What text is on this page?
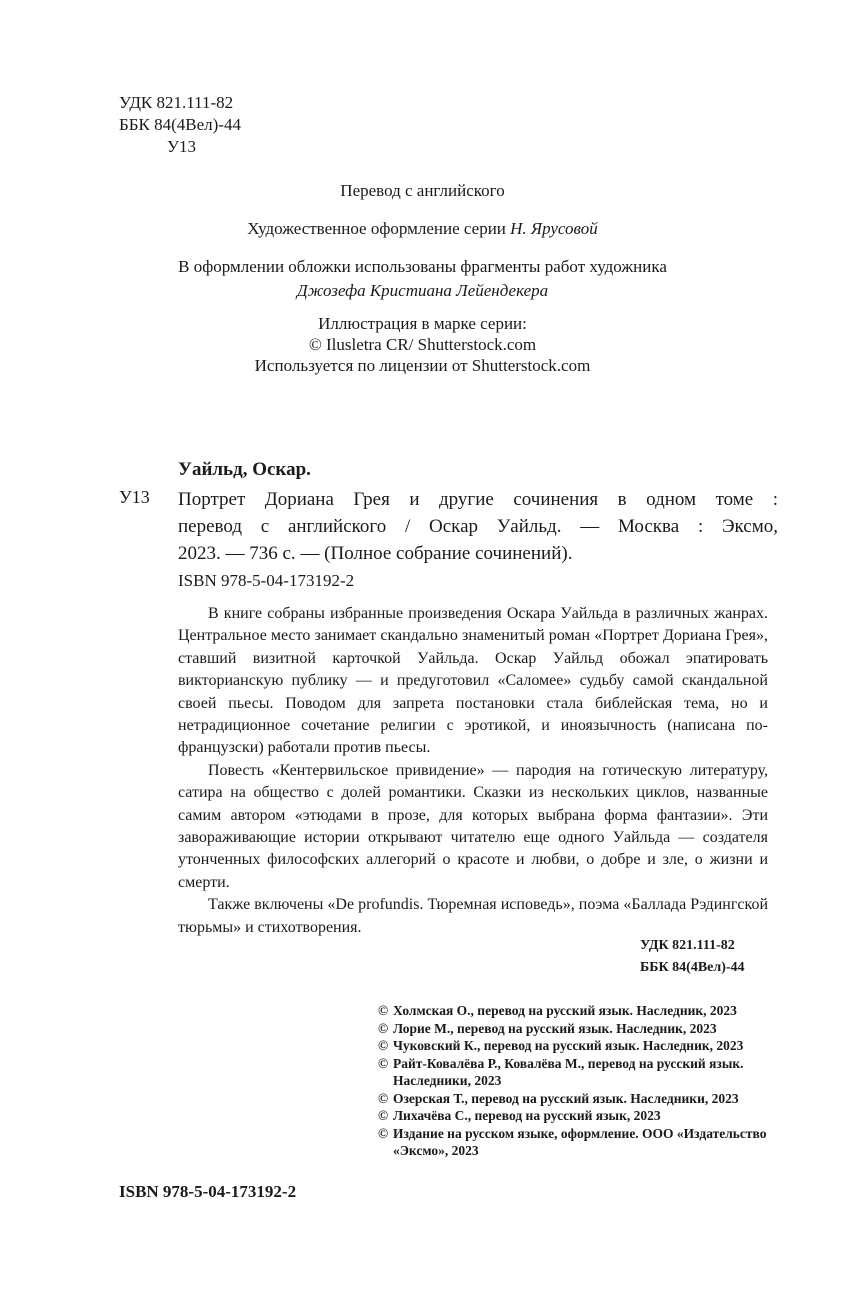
УДК 821.111-82
ББК 84(4Вел)-44
У13
Перевод с английского
Художественное оформление серии Н. Ярусовой
В оформлении обложки использованы фрагменты работ художника
Джозефа Кристиана Лейендекера
Иллюстрация в марке серии:
© Ilusletra CR/ Shutterstock.com
Используется по лицензии от Shutterstock.com
Уайльд, Оскар.
У13 Портрет Дориана Грея и другие сочинения в одном томе :
перевод с английского / Оскар Уайльд. — Москва : Эксмо,
2023. — 736 с. — (Полное собрание сочинений).
ISBN 978-5-04-173192-2

В книге собраны избранные произведения Оскара Уайльда в различных жанрах. Центральное место занимает скандально знаменитый роман «Портрет Дориана Грея», ставший визитной карточкой Уайльда. Оскар Уайльд обожал эпатировать викторианскую публику — и предуготовил «Саломее» судьбу самой скандальной своей пьесы. Поводом для запрета постановки стала библейская тема, но и нетрадиционное сочетание религии с эротикой, и иноязычность (написана по-французски) работали против пьесы.

Повесть «Кентервильское привидение» — пародия на готическую литературу, сатира на общество с долей романтики. Сказки из нескольких циклов, названные самим автором «этюдами в прозе, для которых выбрана форма фантазии». Эти завораживающие истории открывают читателю еще одного Уайльда — создателя утонченных философских аллегорий о красоте и любви, о добре и зле, о жизни и смерти.

Также включены «De profundis. Тюремная исповедь», поэма «Баллада Рэдингской тюрьмы» и стихотворения.

УДК 821.111-82
ББК 84(4Вел)-44
© Холмская О., перевод на русский язык. Наследник, 2023
© Лорие М., перевод на русский язык. Наследник, 2023
© Чуковский К., перевод на русский язык. Наследник, 2023
© Райт-Ковалёва Р., Ковалёва М., перевод на русский язык. Наследники, 2023
© Озерская Т., перевод на русский язык. Наследники, 2023
© Лихачёва С., перевод на русский язык, 2023
© Издание на русском языке, оформление. ООО «Издательство «Эксмо», 2023
ISBN 978-5-04-173192-2
